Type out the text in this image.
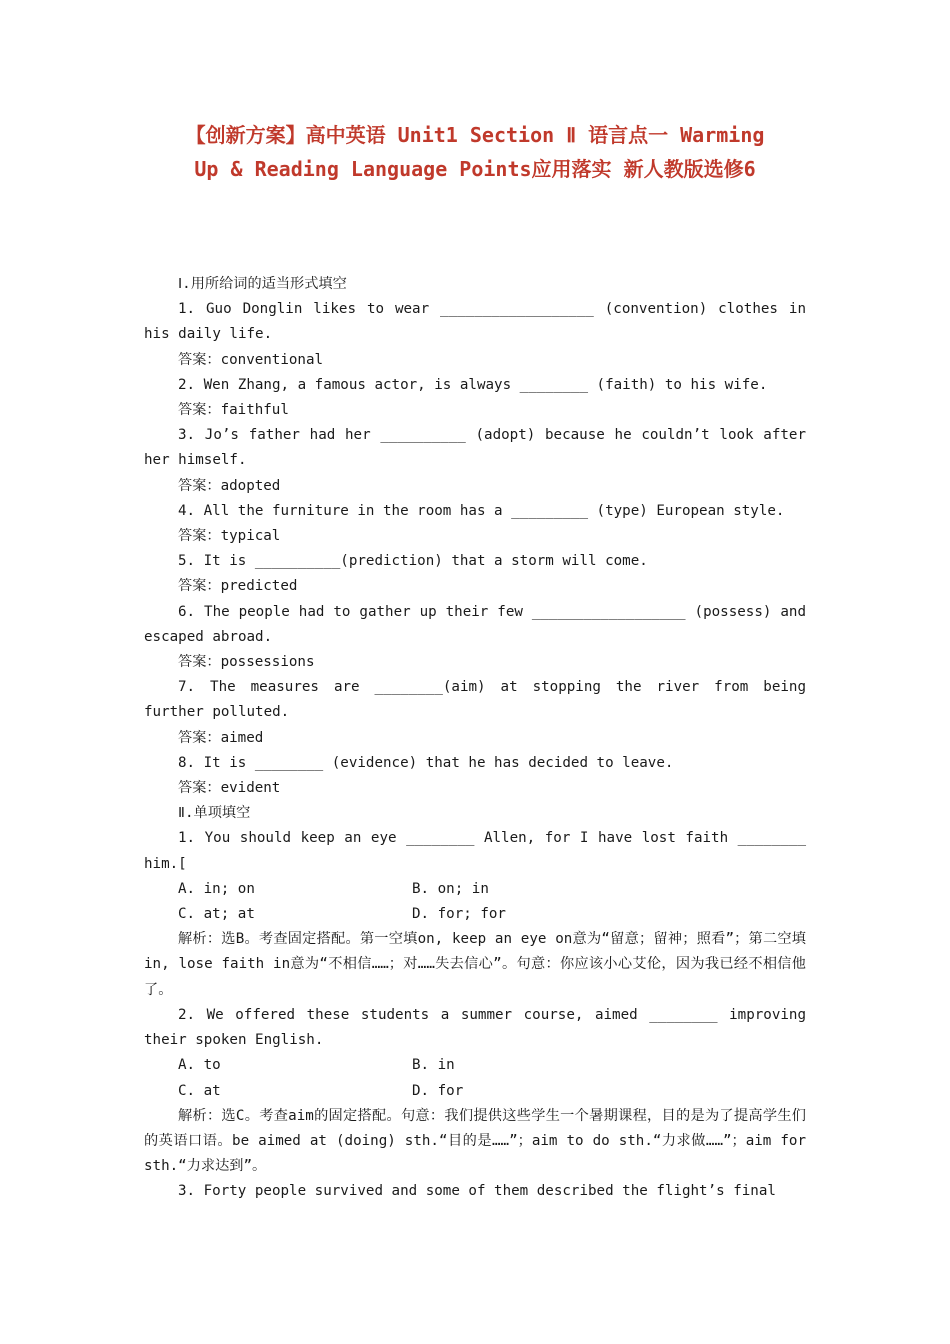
【创新方案】高中英语 Unit1 Section Ⅱ 语言点一 Warming
Up & Reading Language Points应用落实 新人教版选修6

Ⅰ.用所给词的适当形式填空

1. Guo Donglin likes to wear __________________ (convention) clothes in his daily life.

答案：conventional

2. Wen Zhang, a famous actor, is always ________ (faith) to his wife.

答案：faithful

3. Jo’s father had her __________ (adopt) because he couldn’t look after her himself.

答案：adopted

4. All the furniture in the room has a _________ (type) European style.

答案：typical

5. It is __________(prediction) that a storm will come.

答案：predicted

6. The people had to gather up their few __________________ (possess) and escaped abroad.

答案：possessions

7. The measures are ________(aim) at stopping the river from being further polluted.

答案：aimed

8. It is ________ (evidence) that he has decided to leave.

答案：evident

Ⅱ.单项填空

1. You should keep an eye ________ Allen, for I have lost faith ________ him.[

A. in; on	B. on; in
C. at; at	D. for; for

解析：选B。考查固定搭配。第一空填on, keep an eye on意为“留意；留神；照看”；第二空填in, lose faith in意为“不相信……；对……失去信心”。句意：你应该小心艾伦，因为我已经不相信他了。

2. We offered these students a summer course, aimed ________ improving their spoken English.

A. to	B. in
C. at	D. for

解析：选C。考查aim的固定搭配。句意：我们提供这些学生一个暑期课程，目的是为了提高学生们的英语口语。be aimed at (doing) sth.“目的是……”；aim to do sth.“力求做……”；aim for sth.“力求达到”。

3. Forty people survived and some of them described the flight’s final
